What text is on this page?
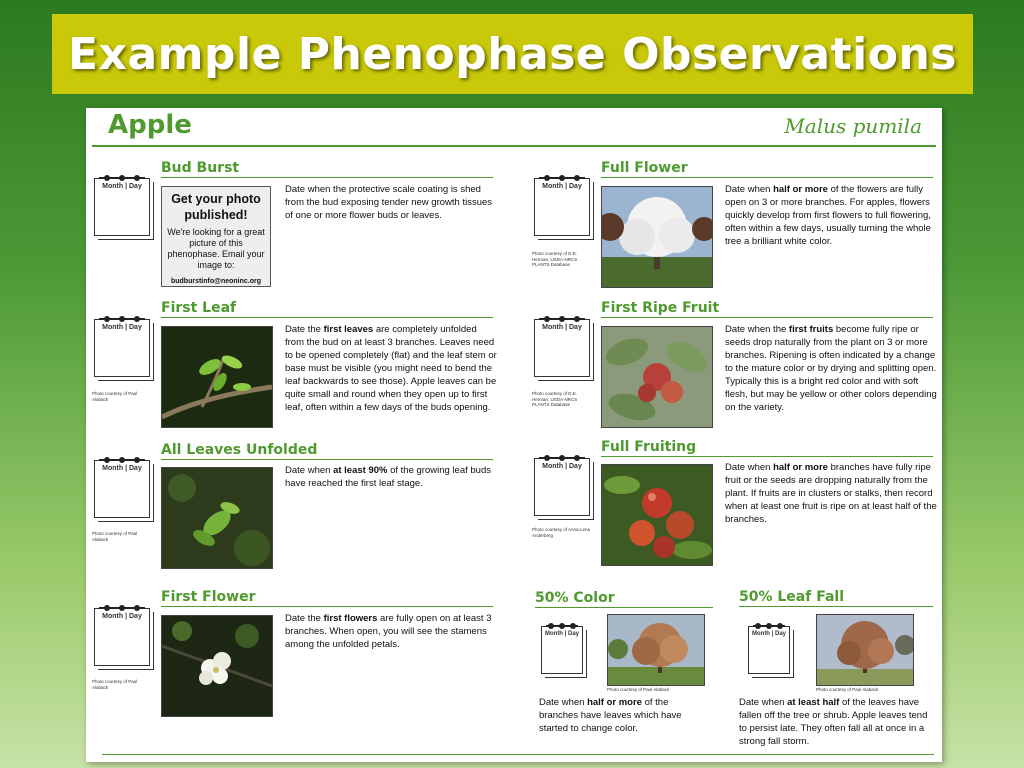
Example Phenophase Observations
Apple	Malus pumila
Month | Day
Bud Burst
Get your photo published!
We're looking for a great picture of this phenophase. Email your image to:
budburstinfo@neoninc.org
Date when the protective scale coating is shed from the bud exposing tender new growth tissues of one or more flower buds or leaves.
Month | Day
Photo courtesy of Paul Alaback
First Leaf
Date the first leaves are completely unfolded from the bud on at least 3 branches. Leaves need to be opened completely (flat) and the leaf stem or base must be visible (you might need to bend the leaf backwards to see those). Apple leaves can be quite small and round when they open up to first leaf, often within a few days of the buds opening.
Month | Day
Photo courtesy of Paul Alaback
All Leaves Unfolded
Date when at least 90% of the growing leaf buds have reached the first leaf stage.
Month | Day
Photo courtesy of Paul Alaback
First Flower
Date the first flowers are fully open on at least 3 branches. When open, you will see the stamens among the unfolded petals.
Month | Day
Photo courtesy of D.E. Herman, USDA-NRCS PLANTS Database
Full Flower
Date when half or more of the flowers are fully open on 3 or more branches. For apples, flowers quickly develop from first flowers to full flowering, often within a few days, usually turning the whole tree a brilliant white color.
Month | Day
Photo courtesy of D.E. Herman, USDA-NRCS PLANTS Database
First Ripe Fruit
Date when the first fruits become fully ripe or seeds drop naturally from the plant on 3 or more branches. Ripening is often indicated by a change to the mature color or by drying and splitting open. Typically this is a bright red color and with soft flesh, but may be yellow or other colors depending on the variety.
Month | Day
Photo courtesy of Anna-Lena Anderberg
Full Fruiting
Date when half or more branches have fully ripe fruit or the seeds are dropping naturally from the plant. If fruits are in clusters or stalks, then record when at least one fruit is ripe on at least half of the branches.
50% Color
Month | Day
Photo courtesy of Paul Alaback
Date when half or more of the branches have leaves which have started to change color.
50% Leaf Fall
Month | Day
Photo courtesy of Paul Alaback
Date when at least half of the leaves have fallen off the tree or shrub. Apple leaves tend to persist late. They often fall all at once in a strong fall storm.
